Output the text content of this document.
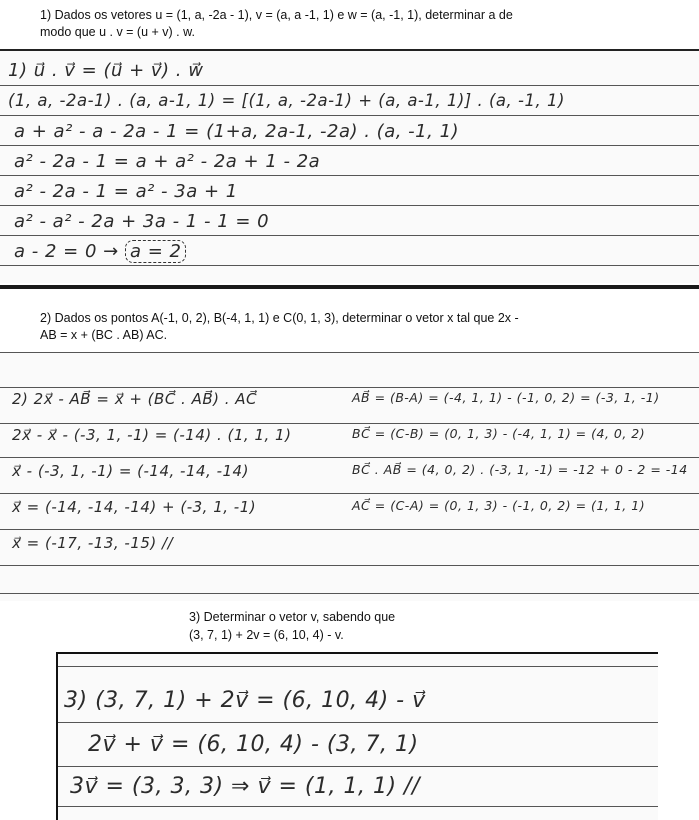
1) Dados os vetores u = (1, a, -2a - 1), v = (a, a -1, 1) e w = (a, -1, 1), determinar a de
modo que u . v = (u + v) . w.
1) u⃗ . v⃗ = (u⃗ + v⃗) . w⃗
(1, a, -2a-1) . (a, a-1, 1) = [(1, a, -2a-1) + (a, a-1, 1)] . (a, -1, 1)
a + a² - a - 2a - 1 = (1+a, 2a-1, -2a) . (a, -1, 1)
a² - 2a - 1 = a + a² - 2a + 1 - 2a
a² - 2a - 1 = a² - 3a + 1
a² - a² - 2a + 3a - 1 - 1 = 0
a - 2 = 0 → a = 2
2) Dados os pontos A(-1, 0, 2), B(-4, 1, 1) e C(0, 1, 3), determinar o vetor x tal que 2x -
AB = x + (BC . AB) AC.
2) 2x⃗ - AB⃗ = x⃗ + (BC⃗ . AB⃗) . AC⃗
2x⃗ - x⃗ - (-3, 1, -1) = (-14) . (1, 1, 1)
x⃗ - (-3, 1, -1) = (-14, -14, -14)
x⃗ = (-14, -14, -14) + (-3, 1, -1)
x⃗ = (-17, -13, -15) //
AB⃗ = (B-A) = (-4, 1, 1) - (-1, 0, 2) = (-3, 1, -1)
BC⃗ = (C-B) = (0, 1, 3) - (-4, 1, 1) = (4, 0, 2)
BC⃗ . AB⃗ = (4, 0, 2) . (-3, 1, -1) = -12 + 0 - 2 = -14
AC⃗ = (C-A) = (0, 1, 3) - (-1, 0, 2) = (1, 1, 1)
3) Determinar o vetor v, sabendo que
(3, 7, 1) + 2v = (6, 10, 4) - v.
3) (3, 7, 1) + 2v⃗ = (6, 10, 4) - v⃗
2v⃗ + v⃗ = (6, 10, 4) - (3, 7, 1)
3v⃗ = (3, 3, 3) ⇒ v⃗ = (1, 1, 1) //
